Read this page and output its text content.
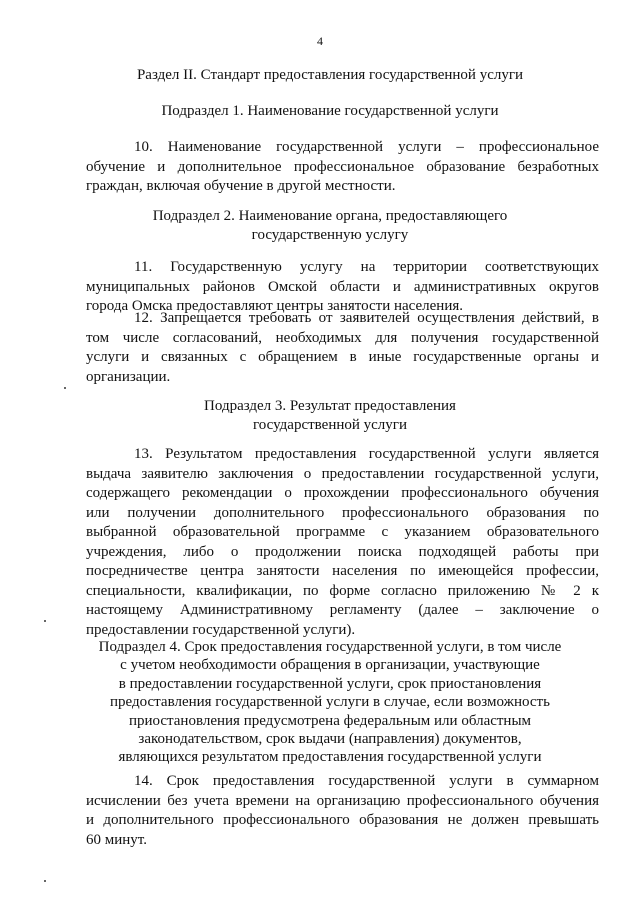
4
Раздел II. Стандарт предоставления государственной услуги
Подраздел 1. Наименование государственной услуги
10. Наименование государственной услуги – профессиональное
обучение и дополнительное профессиональное образование безработных
граждан, включая обучение в другой местности.
Подраздел 2. Наименование органа, предоставляющего
государственную услугу
11. Государственную услугу на территории соответствующих
муниципальных районов Омской области и административных округов
города Омска предоставляют центры занятости населения.
12. Запрещается требовать от заявителей осуществления действий, в
том числе согласований, необходимых для получения государственной
услуги и связанных с обращением в иные государственные органы и
организации.
Подраздел 3. Результат предоставления
государственной услуги
13. Результатом предоставления государственной услуги является
выдача заявителю заключения о предоставлении государственной услуги,
содержащего рекомендации о прохождении профессионального обучения
или получении дополнительного профессионального образования по
выбранной образовательной программе с указанием образовательного
учреждения, либо о продолжении поиска подходящей работы при
посредничестве центра занятости населения по имеющейся профессии,
специальности, квалификации, по форме согласно приложению № 2 к
настоящему Административному регламенту (далее – заключение о
предоставлении государственной услуги).
Подраздел 4. Срок предоставления государственной услуги, в том числе
с учетом необходимости обращения в организации, участвующие
в предоставлении государственной услуги, срок приостановления
предоставления государственной услуги в случае, если возможность
приостановления предусмотрена федеральным или областным
законодательством, срок выдачи (направления) документов,
являющихся результатом предоставления государственной услуги
14. Срок предоставления государственной услуги в суммарном
исчислении без учета времени на организацию профессионального обучения
и дополнительного профессионального образования не должен превышать
60 минут.
